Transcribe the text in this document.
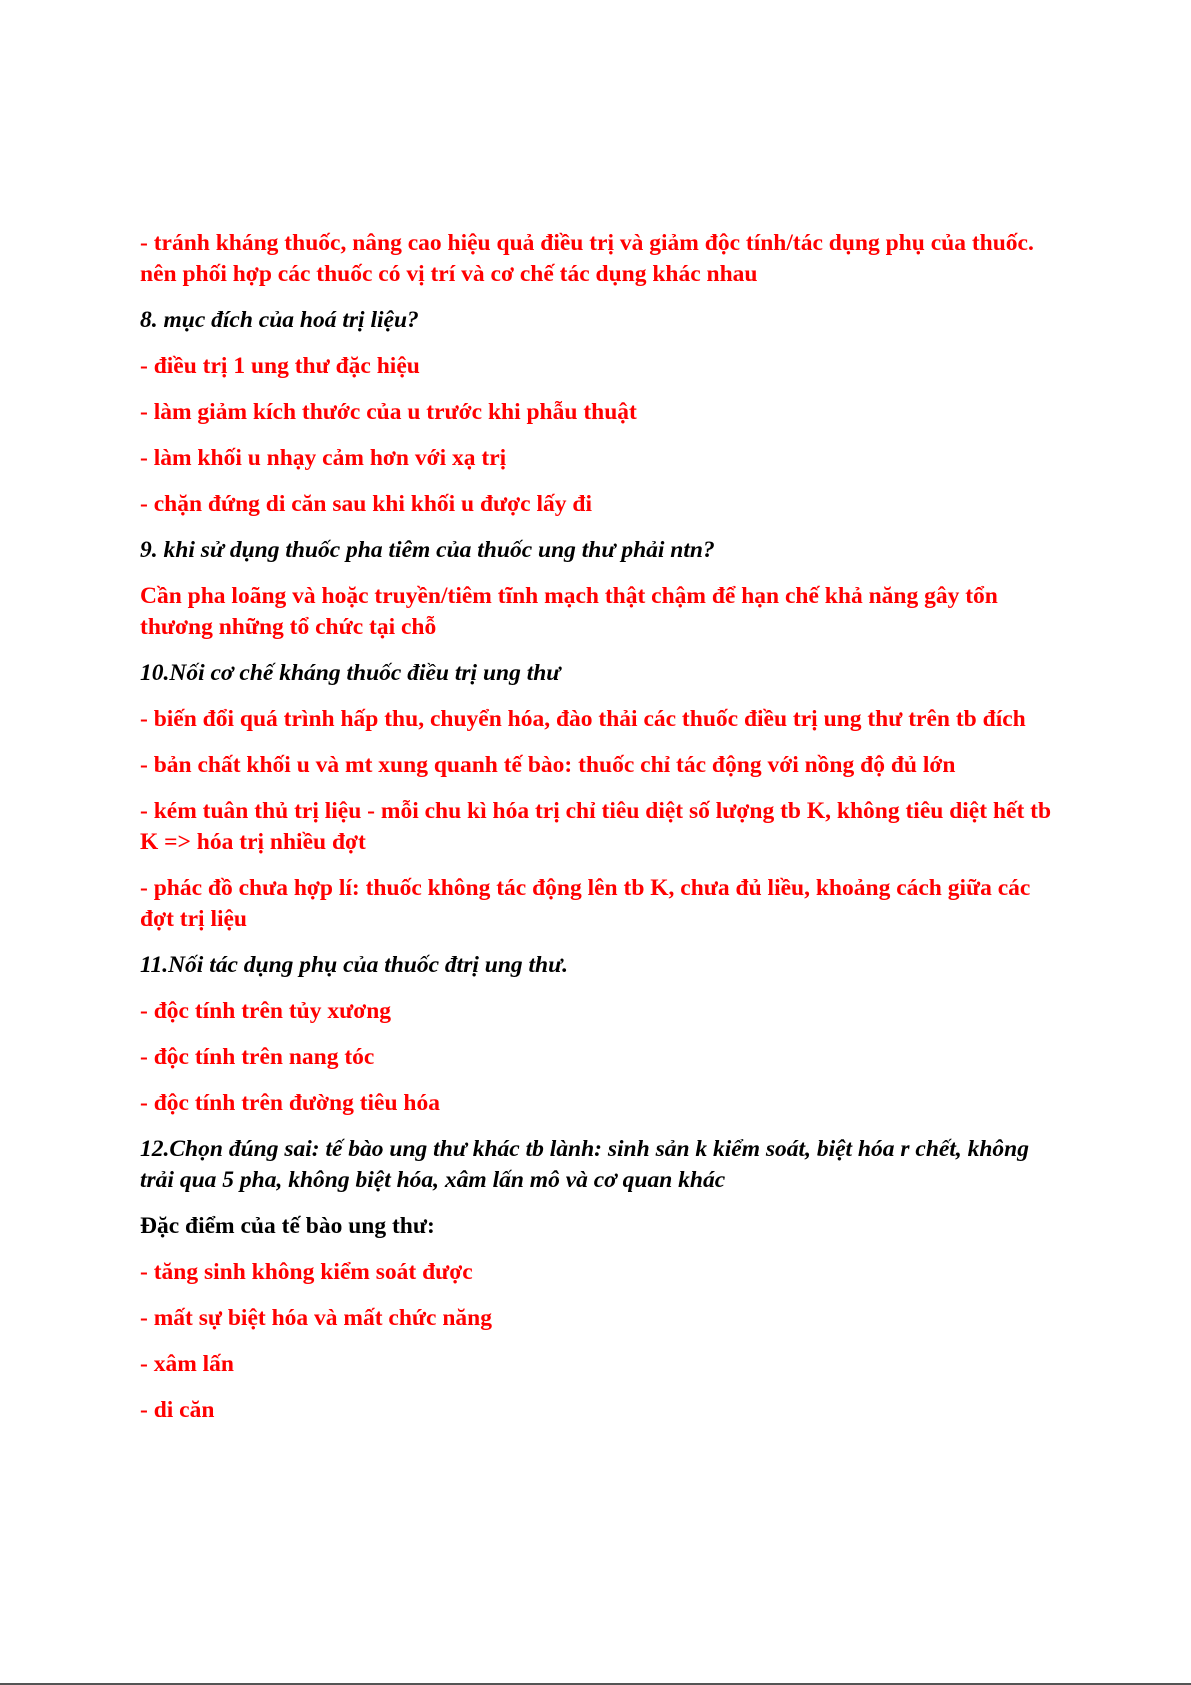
- tránh kháng thuốc, nâng cao hiệu quả điều trị và giảm độc tính/tác dụng phụ của thuốc. nên phối hợp các thuốc có vị trí và cơ chế tác dụng khác nhau

8. mục đích của hoá trị liệu?

- điều trị 1 ung thư đặc hiệu

- làm giảm kích thước của u trước khi phẫu thuật

- làm khối u nhạy cảm hơn với xạ trị

- chặn đứng di căn sau khi khối u được lấy đi

9. khi sử dụng thuốc pha tiêm của thuốc ung thư phải ntn?

Cần pha loãng và hoặc truyền/tiêm tĩnh mạch thật chậm để hạn chế khả năng gây tổn thương những tổ chức tại chỗ

10.Nối cơ chế kháng thuốc điều trị ung thư

- biến đổi quá trình hấp thu, chuyển hóa, đào thải các thuốc điều trị ung thư trên tb đích

- bản chất khối u và mt xung quanh tế bào: thuốc chỉ tác động với nồng độ đủ lớn

- kém tuân thủ trị liệu - mỗi chu kì hóa trị chỉ tiêu diệt số lượng tb K, không tiêu diệt hết tb K => hóa trị nhiều đợt

- phác đồ chưa hợp lí: thuốc không tác động lên tb K, chưa đủ liều, khoảng cách giữa các đợt trị liệu

11.Nối tác dụng phụ của thuốc đtrị ung thư.

- độc tính trên tủy xương

- độc tính trên nang tóc

- độc tính trên đường tiêu hóa

12.Chọn đúng sai: tế bào ung thư khác tb lành: sinh sản k kiểm soát, biệt hóa r chết, không trải qua 5 pha, không biệt hóa, xâm lấn mô và cơ quan khác

Đặc điểm của tế bào ung thư:

- tăng sinh không kiểm soát được

- mất sự biệt hóa và mất chức năng

- xâm lấn

- di căn
